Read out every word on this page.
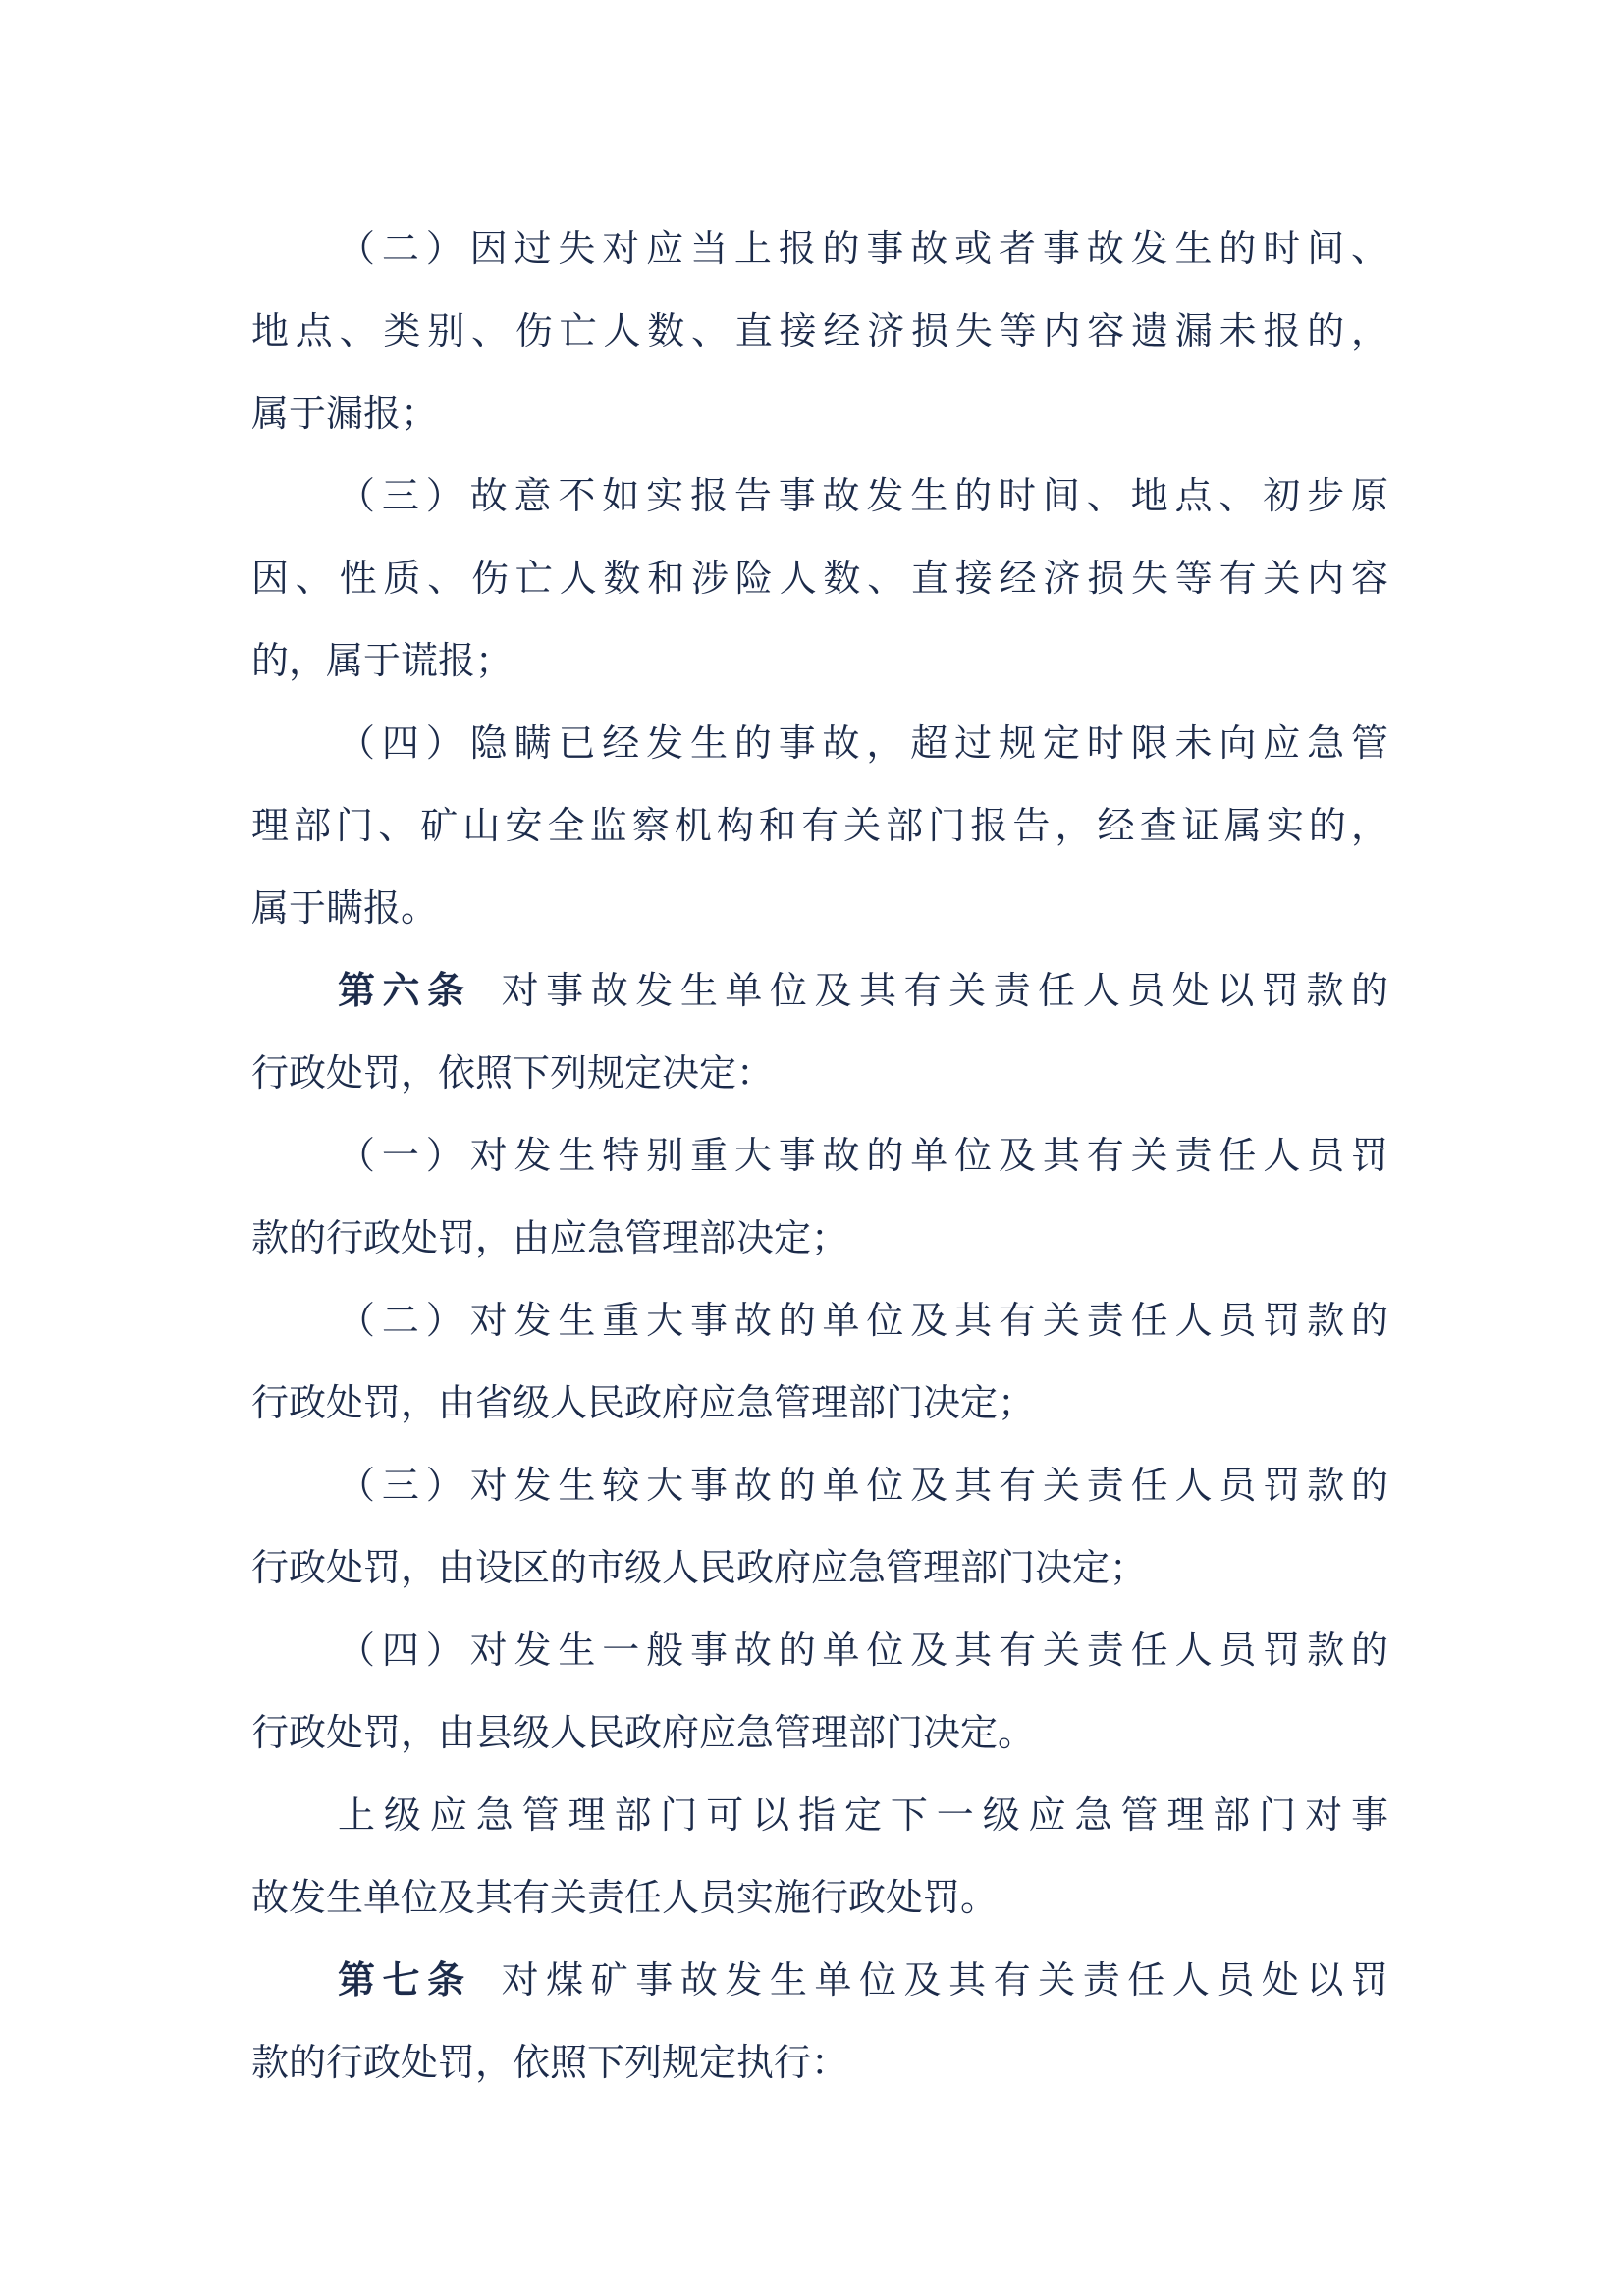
（二）因过失对应当上报的事故或者事故发生的时间、
地点、类别、伤亡人数、直接经济损失等内容遗漏未报的，
属于漏报；
（三）故意不如实报告事故发生的时间、地点、初步原
因、性质、伤亡人数和涉险人数、直接经济损失等有关内容
的，属于谎报；
（四）隐瞒已经发生的事故，超过规定时限未向应急管
理部门、矿山安全监察机构和有关部门报告，经查证属实的，
属于瞒报。
第六条 对事故发生单位及其有关责任人员处以罚款的
行政处罚，依照下列规定决定：
（一）对发生特别重大事故的单位及其有关责任人员罚
款的行政处罚，由应急管理部决定；
（二）对发生重大事故的单位及其有关责任人员罚款的
行政处罚，由省级人民政府应急管理部门决定；
（三）对发生较大事故的单位及其有关责任人员罚款的
行政处罚，由设区的市级人民政府应急管理部门决定；
（四）对发生一般事故的单位及其有关责任人员罚款的
行政处罚，由县级人民政府应急管理部门决定。
上级应急管理部门可以指定下一级应急管理部门对事
故发生单位及其有关责任人员实施行政处罚。
第七条 对煤矿事故发生单位及其有关责任人员处以罚
款的行政处罚，依照下列规定执行：
